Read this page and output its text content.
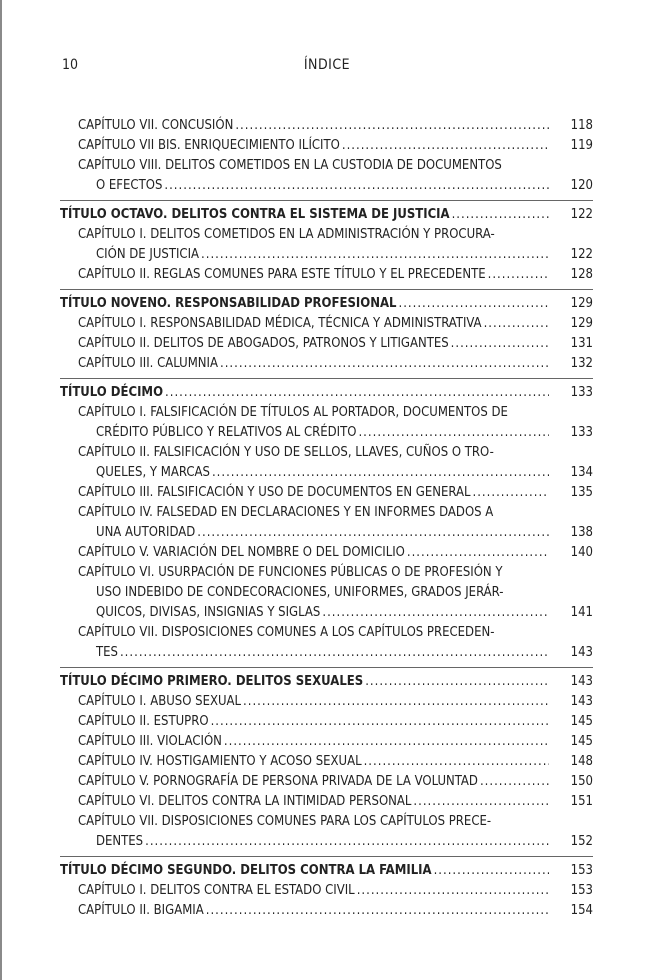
10	ÍNDICE
CAPÍTULO VII. CONCUSIÓN .....	118
CAPÍTULO VII BIS. ENRIQUECIMIENTO ILÍCITO .....	119
CAPÍTULO VIII. DELITOS COMETIDOS EN LA CUSTODIA DE DOCUMENTOS
O EFECTOS .....	120
TÍTULO OCTAVO. DELITOS CONTRA EL SISTEMA DE JUSTICIA .....	122
CAPÍTULO I. DELITOS COMETIDOS EN LA ADMINISTRACIÓN Y PROCURA-
CIÓN DE JUSTICIA .....	122
CAPÍTULO II. REGLAS COMUNES PARA ESTE TÍTULO Y EL PRECEDENTE .....	128
TÍTULO NOVENO. RESPONSABILIDAD PROFESIONAL .....	129
CAPÍTULO I. RESPONSABILIDAD MÉDICA, TÉCNICA Y ADMINISTRATIVA .....	129
CAPÍTULO II. DELITOS DE ABOGADOS, PATRONOS Y LITIGANTES .....	131
CAPÍTULO III. CALUMNIA .....	132
TÍTULO DÉCIMO .....	133
CAPÍTULO I. FALSIFICACIÓN DE TÍTULOS AL PORTADOR, DOCUMENTOS DE
CRÉDITO PÚBLICO Y RELATIVOS AL CRÉDITO .....	133
CAPÍTULO II. FALSIFICACIÓN Y USO DE SELLOS, LLAVES, CUÑOS O TRO-
QUELES, Y MARCAS .....	134
CAPÍTULO III. FALSIFICACIÓN Y USO DE DOCUMENTOS EN GENERAL .....	135
CAPÍTULO IV. FALSEDAD EN DECLARACIONES Y EN INFORMES DADOS A
UNA AUTORIDAD .....	138
CAPÍTULO V. VARIACIÓN DEL NOMBRE O DEL DOMICILIO .....	140
CAPÍTULO VI. USURPACIÓN DE FUNCIONES PÚBLICAS O DE PROFESIÓN Y
USO INDEBIDO DE CONDECORACIONES, UNIFORMES, GRADOS JERÁR-
QUICOS, DIVISAS, INSIGNIAS Y SIGLAS .....	141
CAPÍTULO VII. DISPOSICIONES COMUNES A LOS CAPÍTULOS PRECEDEN-
TES .....	143
TÍTULO DÉCIMO PRIMERO. DELITOS SEXUALES .....	143
CAPÍTULO I. ABUSO SEXUAL .....	143
CAPÍTULO II. ESTUPRO .....	145
CAPÍTULO III. VIOLACIÓN .....	145
CAPÍTULO IV. HOSTIGAMIENTO Y ACOSO SEXUAL .....	148
CAPÍTULO V. PORNOGRAFÍA DE PERSONA PRIVADA DE LA VOLUNTAD .....	150
CAPÍTULO VI. DELITOS CONTRA LA INTIMIDAD PERSONAL .....	151
CAPÍTULO VII. DISPOSICIONES COMUNES PARA LOS CAPÍTULOS PRECE-
DENTES .....	152
TÍTULO DÉCIMO SEGUNDO. DELITOS CONTRA LA FAMILIA .....	153
CAPÍTULO I. DELITOS CONTRA EL ESTADO CIVIL .....	153
CAPÍTULO II. BIGAMIA .....	154
